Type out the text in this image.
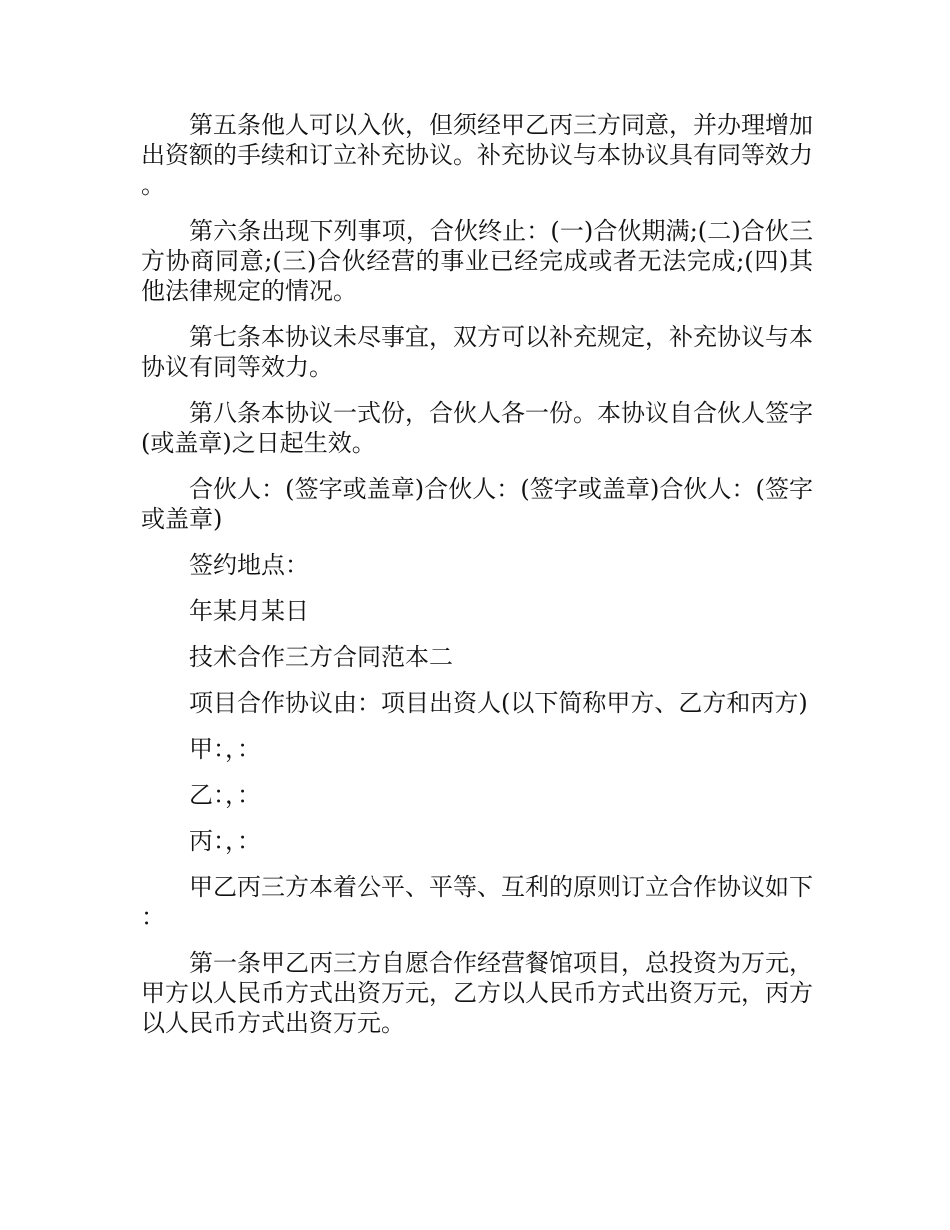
第五条他人可以入伙，但须经甲乙丙三方同意，并办理增加出资额的手续和订立补充协议。补充协议与本协议具有同等效力。

第六条出现下列事项，合伙终止：(一)合伙期满;(二)合伙三方协商同意;(三)合伙经营的事业已经完成或者无法完成;(四)其他法律规定的情况。

第七条本协议未尽事宜，双方可以补充规定，补充协议与本协议有同等效力。

第八条本协议一式份，合伙人各一份。本协议自合伙人签字(或盖章)之日起生效。

合伙人：(签字或盖章)合伙人：(签字或盖章)合伙人：(签字或盖章)

签约地点：

年某月某日

技术合作三方合同范本二

项目合作协议由：项目出资人(以下简称甲方、乙方和丙方)

甲：，：

乙：，：

丙：，：

甲乙丙三方本着公平、平等、互利的原则订立合作协议如下：

第一条甲乙丙三方自愿合作经营餐馆项目，总投资为万元，甲方以人民币方式出资万元，乙方以人民币方式出资万元，丙方以人民币方式出资万元。
